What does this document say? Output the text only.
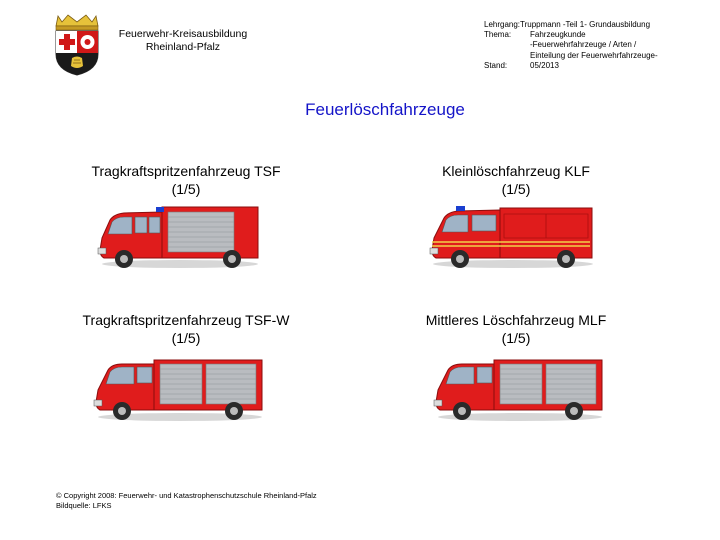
Feuerwehr-Kreisausbildung
Rheinland-Pfalz
Lehrgang:Truppmann -Teil 1- Grundausbildung
Thema:	Fahrzeugkunde
-Feuerwehrfahrzeuge / Arten /
Einteilung der Feuerwehrfahrzeuge-
Stand:	05/2013
Feuerlöschfahrzeuge
Tragkraftspritzenfahrzeug TSF
(1/5)
Kleinlöschfahrzeug KLF
(1/5)
Tragkraftspritzenfahrzeug TSF-W
(1/5)
Mittleres Löschfahrzeug MLF
(1/5)
© Copyright 2008: Feuerwehr- und Katastrophenschutzschule Rheinland-Pfalz
Bildquelle: LFKS
